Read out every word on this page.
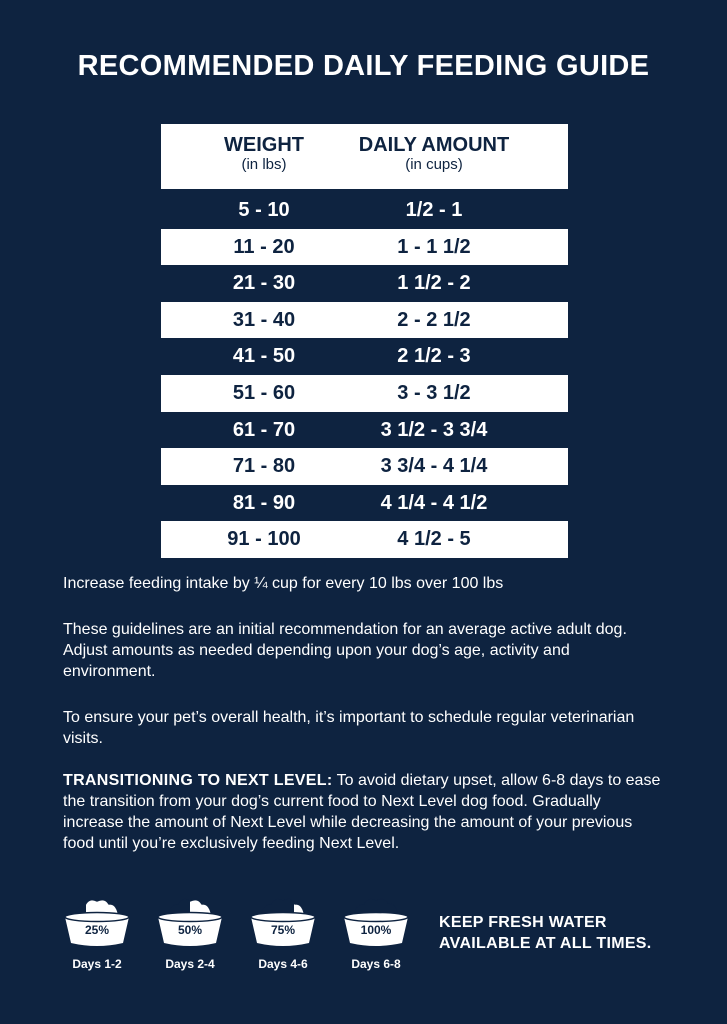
RECOMMENDED DAILY FEEDING GUIDE
WEIGHT
(in lbs)
DAILY AMOUNT
(in cups)
5 - 10	1/2 - 1
11 - 20	1 - 1 1/2
21 - 30	1 1/2 - 2
31 - 40	2 - 2 1/2
41 - 50	2 1/2 - 3
51 - 60	3 - 3 1/2
61 - 70	3 1/2 - 3 3/4
71 - 80	3 3/4 - 4 1/4
81 - 90	4 1/4 - 4 1/2
91 - 100	4 1/2 - 5

Increase feeding intake by ¼ cup for every 10 lbs over 100 lbs

These guidelines are an initial recommendation for an average active adult dog. Adjust amounts as needed depending upon your dog’s age, activity and environment.

To ensure your pet’s overall health, it’s important to schedule regular veterinarian visits.

TRANSITIONING TO NEXT LEVEL: To avoid dietary upset, allow 6-8 days to ease the transition from your dog’s current food to Next Level dog food. Gradually increase the amount of Next Level while decreasing the amount of your previous food until you’re exclusively feeding Next Level.

25%
Days 1-2
50%
Days 2-4
75%
Days 4-6
100%
Days 6-8

KEEP FRESH WATER AVAILABLE AT ALL TIMES.
